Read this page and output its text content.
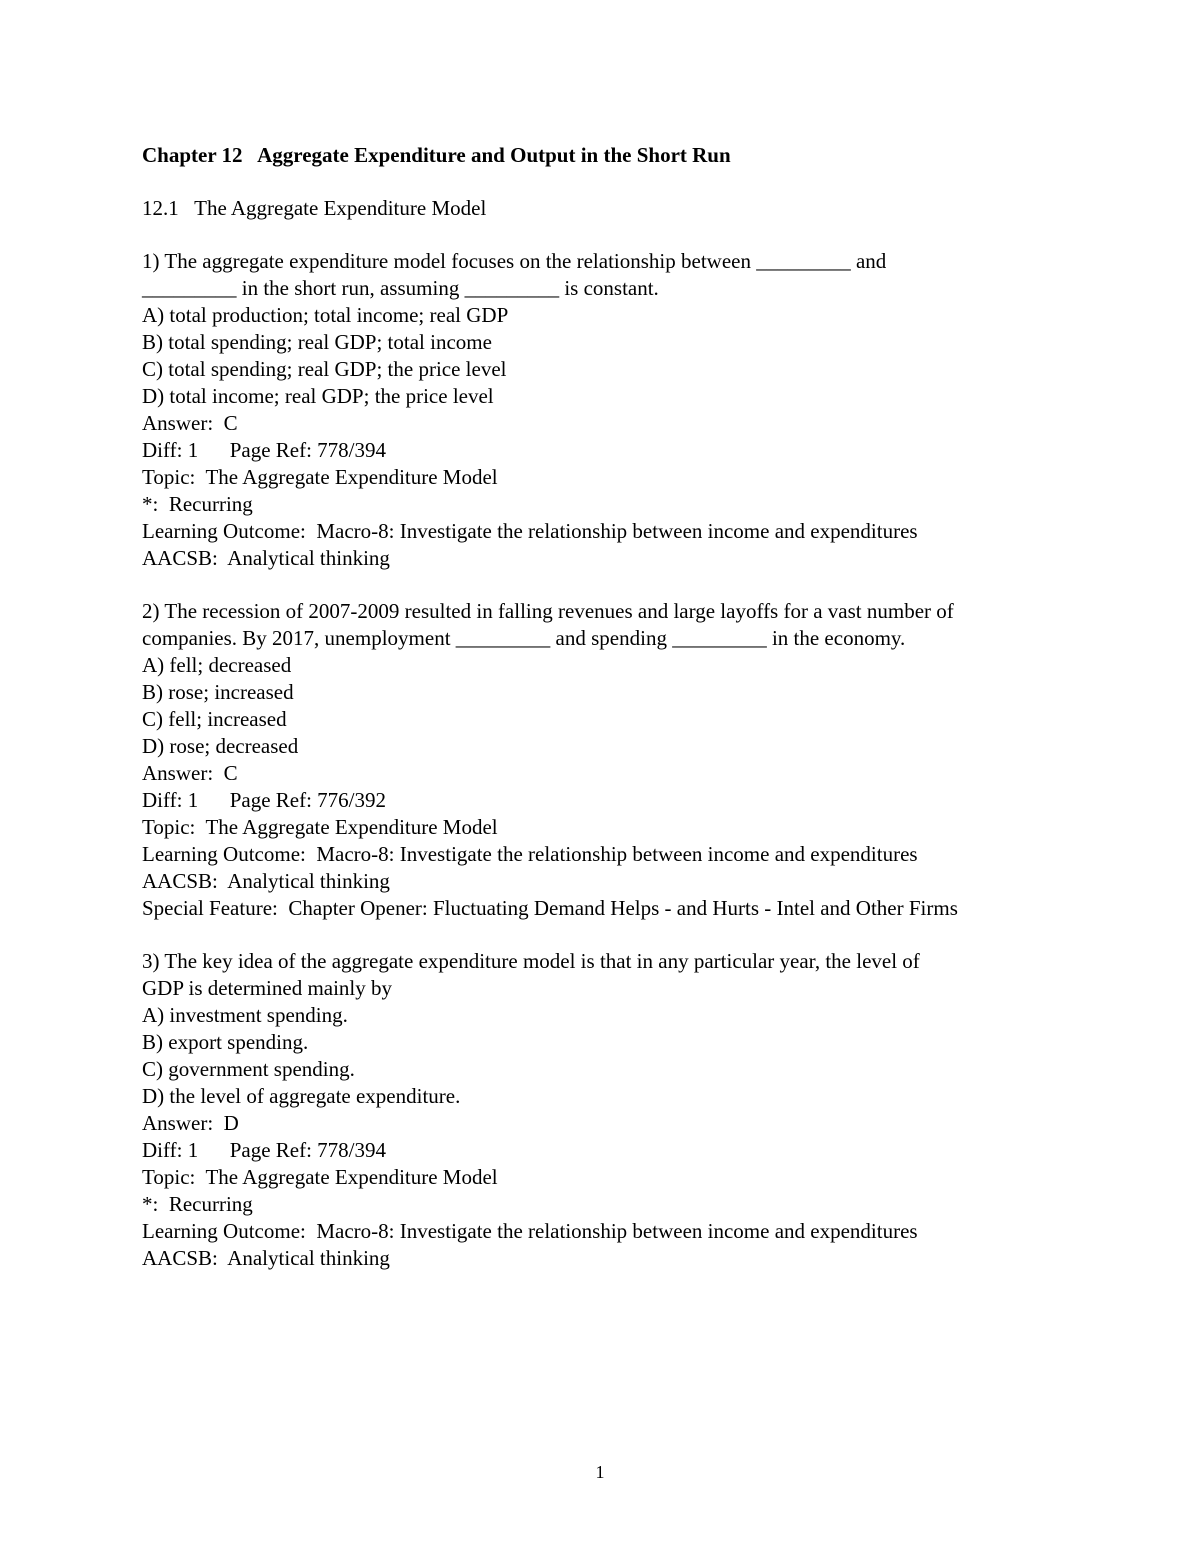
Chapter 12   Aggregate Expenditure and Output in the Short Run
12.1   The Aggregate Expenditure Model
1) The aggregate expenditure model focuses on the relationship between _________ and
_________ in the short run, assuming _________ is constant.
A) total production; total income; real GDP
B) total spending; real GDP; total income
C) total spending; real GDP; the price level
D) total income; real GDP; the price level
Answer:  C
Diff: 1      Page Ref: 778/394
Topic:  The Aggregate Expenditure Model
*:  Recurring
Learning Outcome:  Macro-8: Investigate the relationship between income and expenditures
AACSB:  Analytical thinking
2) The recession of 2007-2009 resulted in falling revenues and large layoffs for a vast number of
companies. By 2017, unemployment _________ and spending _________ in the economy.
A) fell; decreased
B) rose; increased
C) fell; increased
D) rose; decreased
Answer:  C
Diff: 1      Page Ref: 776/392
Topic:  The Aggregate Expenditure Model
Learning Outcome:  Macro-8: Investigate the relationship between income and expenditures
AACSB:  Analytical thinking
Special Feature:  Chapter Opener: Fluctuating Demand Helps - and Hurts - Intel and Other Firms
3) The key idea of the aggregate expenditure model is that in any particular year, the level of
GDP is determined mainly by
A) investment spending.
B) export spending.
C) government spending.
D) the level of aggregate expenditure.
Answer:  D
Diff: 1      Page Ref: 778/394
Topic:  The Aggregate Expenditure Model
*:  Recurring
Learning Outcome:  Macro-8: Investigate the relationship between income and expenditures
AACSB:  Analytical thinking
1
